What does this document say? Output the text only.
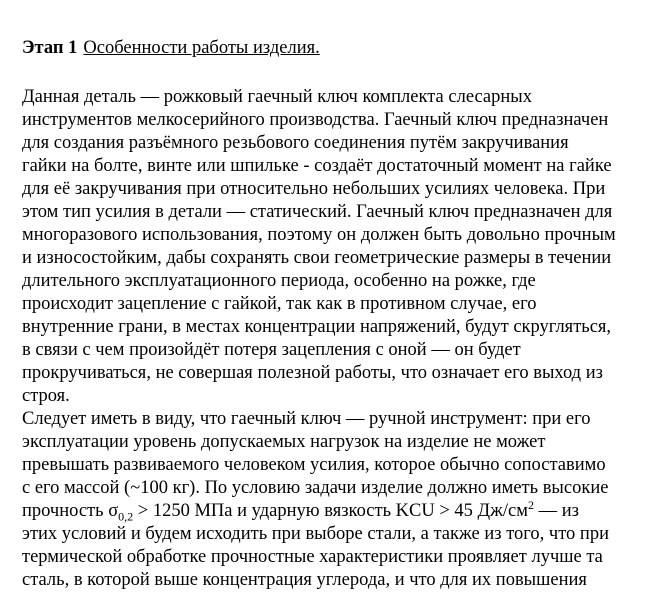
Этап 1 Особенности работы изделия.
Данная деталь — рожковый гаечный ключ комплекта слесарных
инструментов мелкосерийного производства. Гаечный ключ предназначен
для создания разъёмного резьбового соединения путём закручивания
гайки на болте, винте или шпильке - создаёт достаточный момент на гайке
для её закручивания при относительно небольших усилиях человека. При
этом тип усилия в детали — статический. Гаечный ключ предназначен для
многоразового использования, поэтому он должен быть довольно прочным
и износостойким, дабы сохранять свои геометрические размеры в течении
длительного эксплуатационного периода, особенно на рожке, где
происходит зацепление с гайкой, так как в противном случае, его
внутренние грани, в местах концентрации напряжений, будут скругляться,
в связи с чем произойдёт потеря зацепления с оной — он будет
прокручиваться, не совершая полезной работы, что означает его выход из
строя.
Следует иметь в виду, что гаечный ключ — ручной инструмент: при его
эксплуатации уровень допускаемых нагрузок на изделие не может
превышать развиваемого человеком усилия, которое обычно сопоставимо
с его массой (~100 кг). По условию задачи изделие должно иметь высокие
прочность $\sigma_{0,2} > 1250$ МПа и ударную вязкость KCU > 45 $Дж/см^2$ — из
этих условий и будем исходить при выборе стали, а также из того, что при
термической обработке прочностные характеристики проявляет лучше та
сталь, в которой выше концентрация углерода, и что для их повышения
